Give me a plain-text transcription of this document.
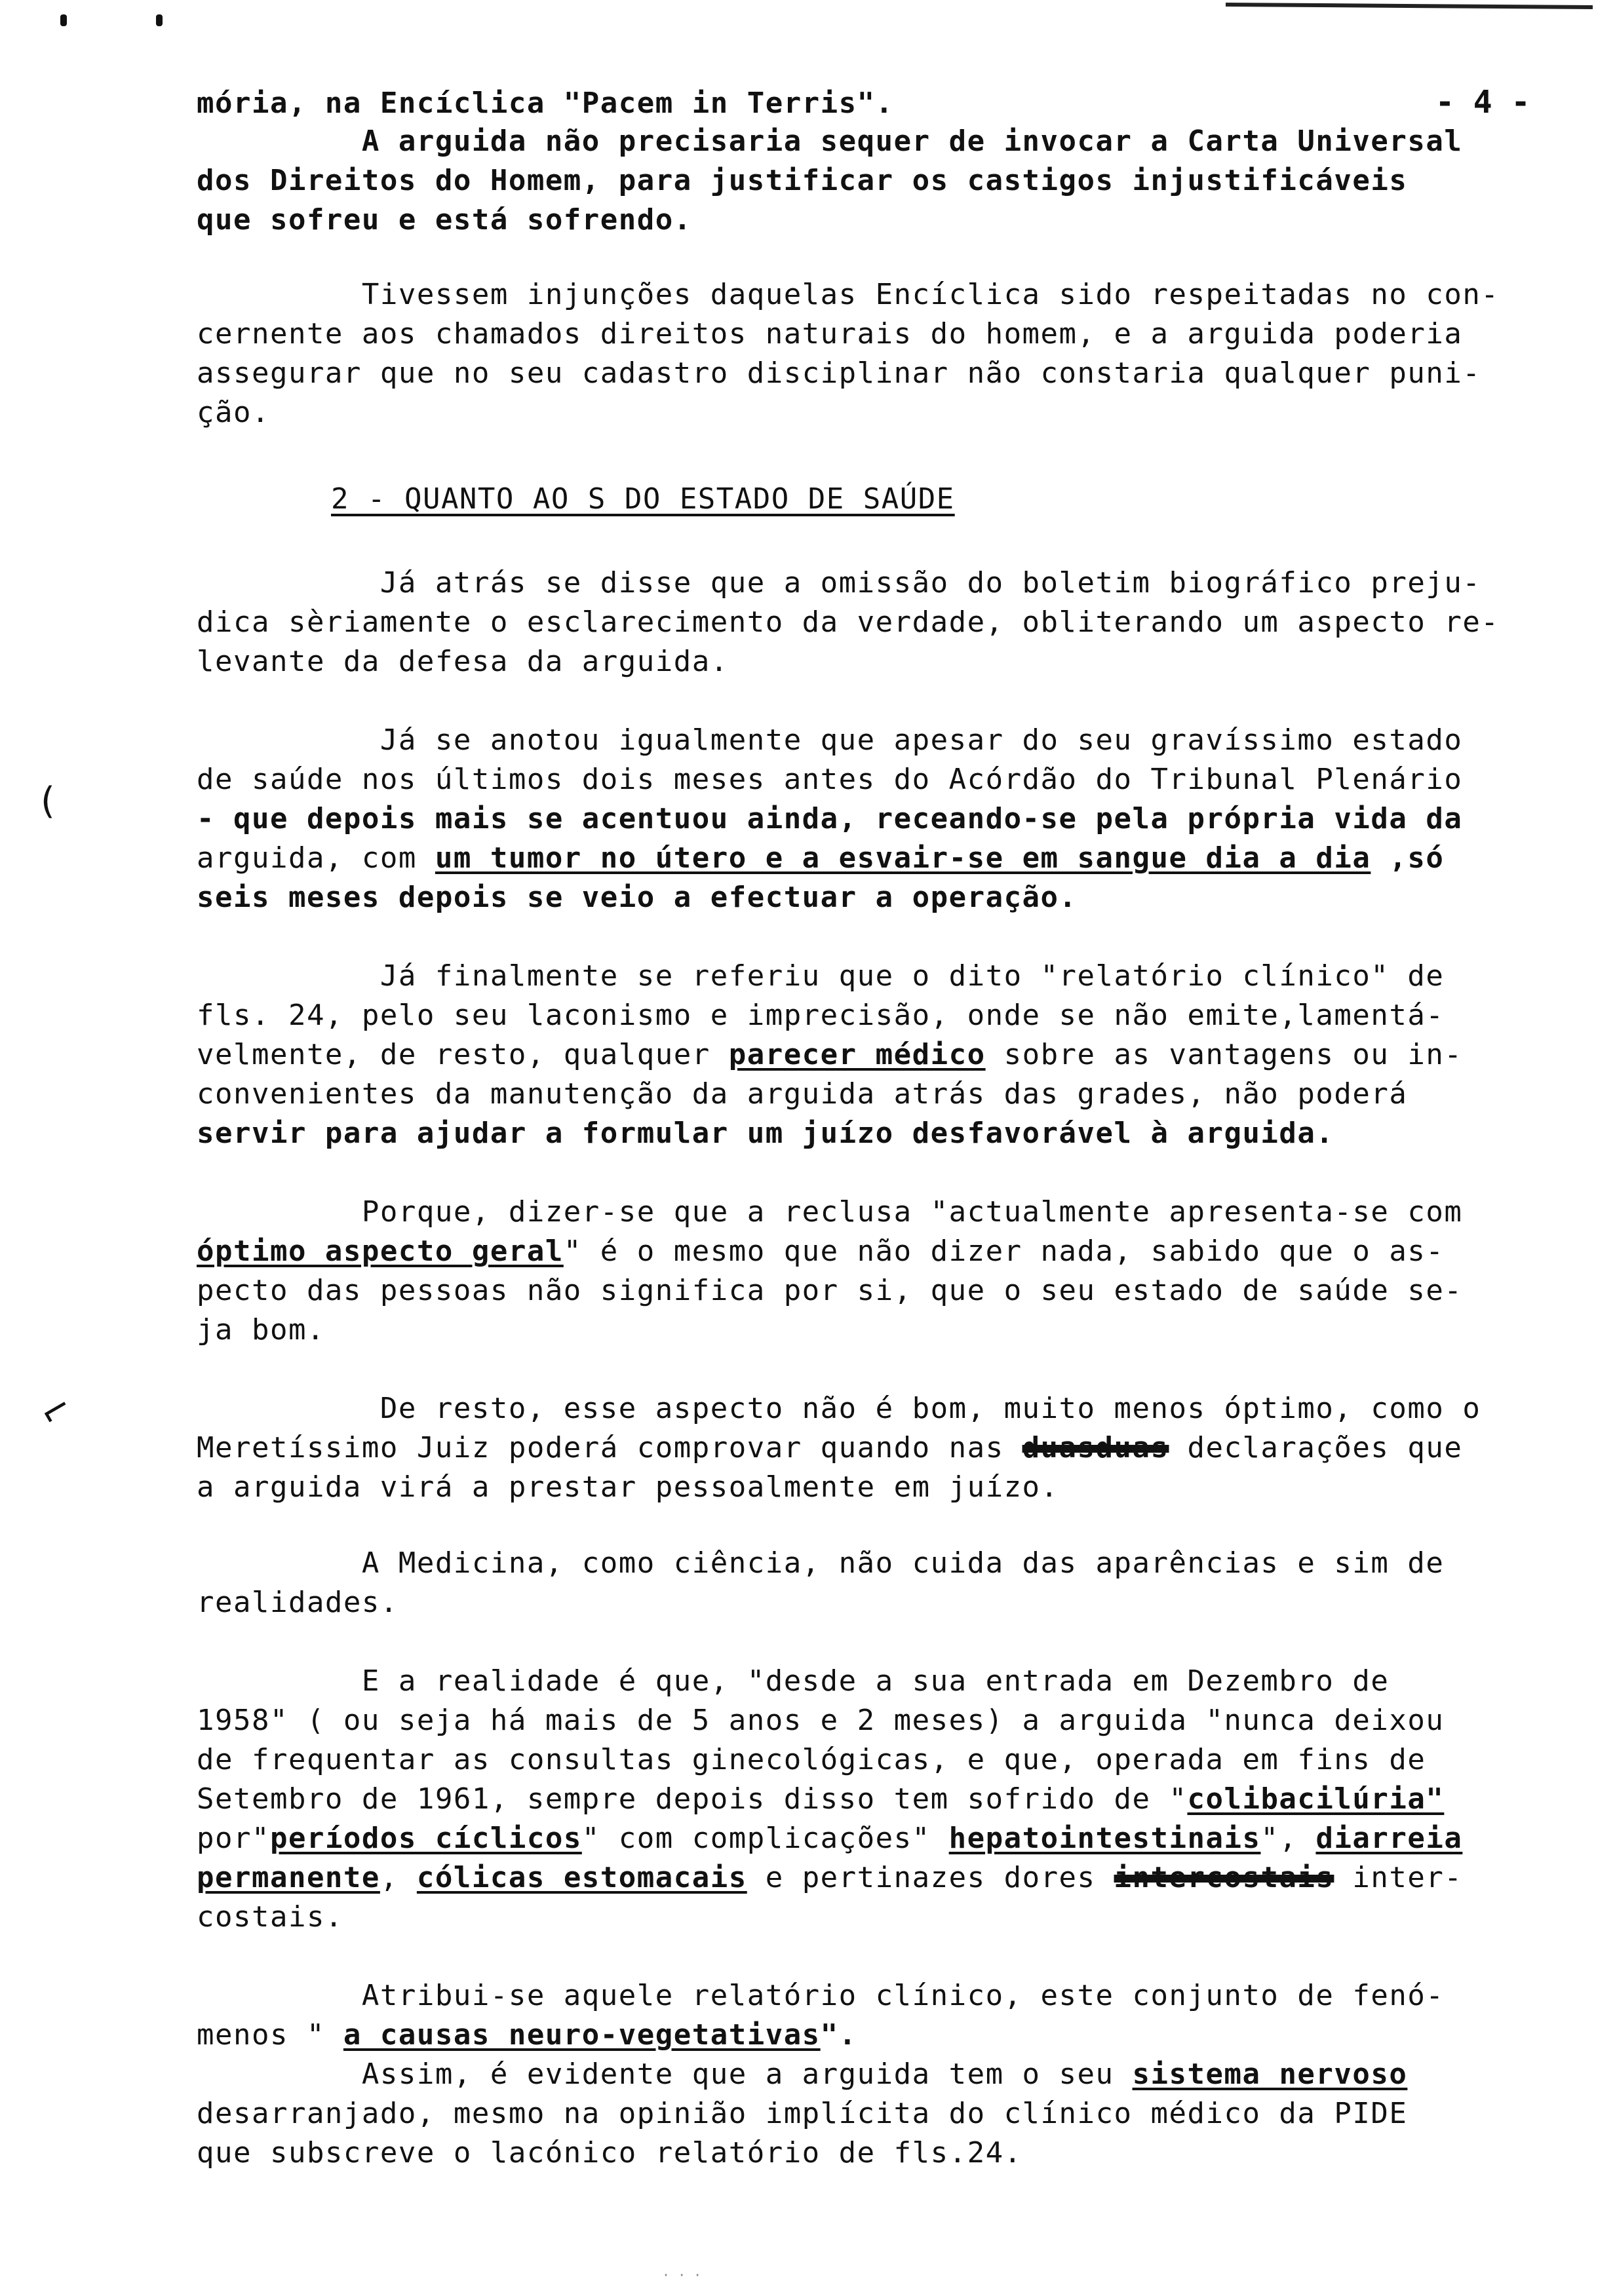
(
⌐
- 4 -
mória, na Encíclica "Pacem in Terris".
A arguida não precisaria sequer de invocar a Carta Universal
dos Direitos do Homem, para justificar os castigos injustificáveis
que sofreu e está sofrendo.
Tivessem injunções daquelas Encíclica sido respeitadas no con-
cernente aos chamados direitos naturais do homem, e a arguida poderia
assegurar que no seu cadastro disciplinar não constaria qualquer puni-
ção.
2 - QUANTO AO S DO ESTADO DE SAÚDE
Já atrás se disse que a omissão do boletim biográfico preju-
dica sèriamente o esclarecimento da verdade, obliterando um aspecto re-
levante da defesa da arguida.
Já se anotou igualmente que apesar do seu gravíssimo estado
de saúde nos últimos dois meses antes do Acórdão do Tribunal Plenário
- que depois mais se acentuou ainda, receando-se pela própria vida da
arguida, com um tumor no útero e a esvair-se em sangue dia a dia ,só
seis meses depois se veio a efectuar a operação.
Já finalmente se referiu que o dito "relatório clínico" de
fls. 24, pelo seu laconismo e imprecisão, onde se não emite,lamentá-
velmente, de resto, qualquer parecer médico sobre as vantagens ou in-
convenientes da manutenção da arguida atrás das grades, não poderá
servir para ajudar a formular um juízo desfavorável à arguida.
Porque, dizer-se que a reclusa "actualmente apresenta-se com
óptimo aspecto geral" é o mesmo que não dizer nada, sabido que o as-
pecto das pessoas não significa por si, que o seu estado de saúde se-
ja bom.
De resto, esse aspecto não é bom, muito menos óptimo, como o
Meretíssimo Juiz poderá comprovar quando nas duasduas declarações que
a arguida virá a prestar pessoalmente em juízo.
A Medicina, como ciência, não cuida das aparências e sim de
realidades.
E a realidade é que, "desde a sua entrada em Dezembro de
1958" ( ou seja há mais de 5 anos e 2 meses) a arguida "nunca deixou
de frequentar as consultas ginecológicas, e que, operada em fins de
Setembro de 1961, sempre depois disso tem sofrido de "colibacilúria"
por"períodos cíclicos" com complicações" hepatointestinais", diarreia
permanente, cólicas estomacais e pertinazes dores intercostais inter-
costais.
Atribui-se aquele relatório clínico, este conjunto de fenó-
menos " a causas neuro-vegetativas".
Assim, é evidente que a arguida tem o seu sistema nervoso
desarranjado, mesmo na opinião implícita do clínico médico da PIDE
que subscreve o lacónico relatório de fls.24.
· · ·
